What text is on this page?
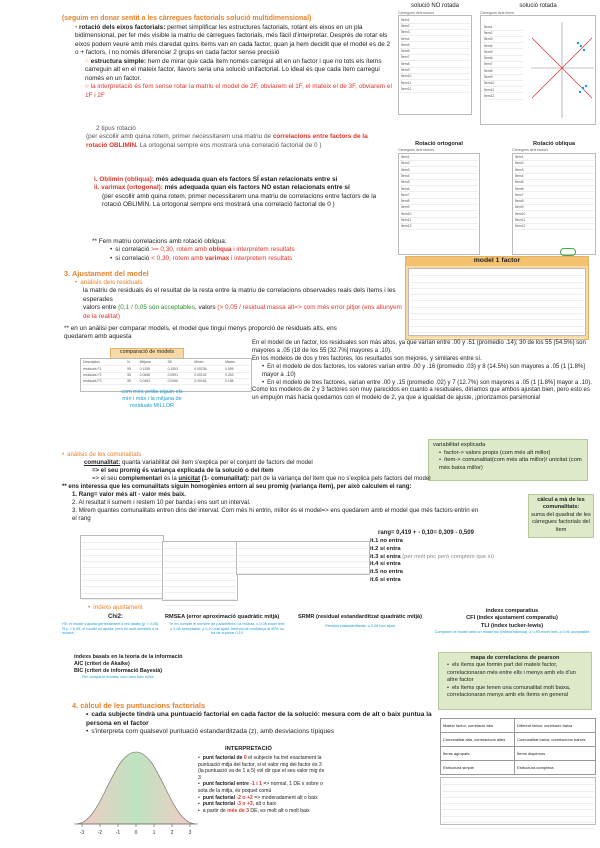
(seguim en donar sentit a les càrregues factorials solució multidimensional)
• rotació dels eixos factorials: permet simplificar les estructures factorials, rotant els eixos en un pla bidimensional, per fer més visible la matriu de càrregues factorials, més fàcil d'interpretar. Després de rotar els eixos podem veure amb més claredat quins ítems van en cada factor, quan ja hem decidit que el model es de 2 o + factors, i no només diferenciar 2 grups en cada factor sense precisió
○ estructura simple: hem de mirar que cada ítem només carregui alt en un factor i que no tots els ítems carreguin alt en el mateix factor, llavors seria una solució unifactorial. Lo ideal és que cada ítem carregui només en un factor.
○ la interpretació és fem sense rotar la matriu el model de 2F, obviarem el 1F, el mateix el de 3F, obviarem el 1F i 2F
2 tipus rotació
(per escollir amb quina rotem, primer necessitarem una matriu de correlacions entre factors de la rotació OBLIMIN. La ortogonal sempre ens mostrarà una correlació factorial de 0 )
i. Oblimin (obliqua): més adequada quan els factors SÍ estan relacionats entre sí
ii. varimax (ortogonal): més adequada quan els factors NO estan relacionats entre sí
(per escollir amb quina rotem, primer necessitarem una matriu de correlacions entre factors de la rotació OBLIMIN. La ortogonal sempre ens mostrarà una correlació factorial de 0 )
** Fem matriu correlacions amb rotació obliqua:
• si correlació >= 0,30, rotem amb obliqua i interpretem resultats
• si correlació < 0,30, rotem amb varimax i interpretem resultats
solució NO rotada
Càrregues dels factors
Ítem1		
Ítem2		
Ítem3		
Ítem4		
Ítem5		
Ítem6		
Ítem7		
Ítem8		
Ítem9		
Ítem10		
Ítem11		
Ítem12		
solució rotada
Càrregues dels ítems
Ítem1
Ítem2
Ítem3
Ítem4
Ítem5
Ítem6
Ítem7
Ítem8
Ítem9
Ítem10
Ítem11
Ítem12
Rotació ortogonal
Càrregues dels factors
Ítem1		
Ítem2		
Ítem3		
Ítem4		
Ítem5		
Ítem6		
Ítem7		
Ítem8		
Ítem9		
Ítem10		
Ítem11		
Ítem12		
Rotació obliqua
Càrregues dels factors
Ítem1		
Ítem2		
Ítem3		
Ítem4		
Ítem5		
Ítem6		
Ítem7		
Ítem8		
Ítem9		
Ítem10		
Ítem11		
Ítem12		
3. Ajustament del model
• anàlisis dels residuals
la matriu de residuals és el resultat de la resta entre la matriu de correlacions observades reals dels ítems i les esperades
valors entre (0,1 / 0,05 són acceptables, valors (> 0,05 / residual massa alt=> com més error pitjor (ens allunyem de la realitat)
** en un anàlisi per comparar models, el model que tingui menys proporció de residuals alts, ens quedarem amb aquesta
comparació de models
Descriptius	N	Mitjana	DE	Mínim	Màxim
residuals F1	55	0.1308	0.1553	0.00236	0.595
residuals F2	55	0.0658	0.0591	0.00132	0.263
residuals F3	55	0.0463	0.0466	0.00164	0.185
com més petits siguin els mín i màx i la mitjana de residuals MILLOR
model 1 factor

En el model de un factor, los residuales son más altos, ya que varían entre .00 y .51 (promedio .14); 30 de los 55 (54.5%) son mayores a .05 (18 de los 55 [32.7%] mayores a .10).
En los modelos de dos y tres factores, los resultados son mejores, y similares entre sí.
• En el modelo de dos factores, los valores varían entre .00 y .16 (promedio .03) y 8 (14.5%) son mayores a .05 (1 [1.8%] mayor a .10)
• En el modelo de tres factores, varían entre .00 y .15 (promedio .02) y 7 (12.7%) son mayores a .05 (1 [1.8%] mayor a .10).
Como los modelos de 2 y 3 factores son muy parecidos en cuanto a residuales, diríamos que ambos ajustan bien, pero esto es un empujón más hacia quedarnos con el modelo de 2, ya que a igualdad de ajuste, ¡priorizamos parsimonia!
variabilitat explicada
• factor-> valors propis (com més alt millor)
• ítem-> comunalitat(com més alta millor)/ unicitat (com més baixa millor)
càlcul a mà de les comunalitats:
suma del quadrat de les càrregues factorials del ítem
• anàlisis de les comunalitats
comunalitat: quanta variabilitat del ítem s'explica per el conjunt de factors del model
=> el seu promig és variança explicada de la solució o del ítem
=> el seu complementari és la unicitat (1- comunalitat): part de la variança del ítem que no s'explica pels factors del model
** ens interessa que les comunalitats siguin homogènies entorn al seu promig (variança ítem), per això calculem el rang:
1. Rang= valor més alt - valor més baix.
2. Al resultat li sumem i restem 10 per banda i ens surt un interval.
3. Mirem quantes comunalitats entren dins del interval. Com més hi entrin, millor és el model=> ens quedarem amb el model que més factors entrin en el rang

rang= 0,419 + - 0,10= 0,309 - 0,509
it.1 no entra
it.2 sí entra
it.3 sí entra (per molt poc però comptem que sí)
it.4 sí entra
it.5 no entra
it.6 sí entra
• índexs ajustament
Chi2:
H0: el model s'ajusta perfectament a les dades (p > 0,05). Si p < 0,05, el model no ajusta; però és molt sensible a la mostra
RMSEA (error aproximació quadràtic mitjà)
Té en compte el nombre de paràmetres i la mostra. ≤ 0,05 excel·lent; ≤ 0,08 acceptable; ≥ 0,10 mal ajust. Interval de confiança al 90% no ha de superar 0,10
SRMR (residual estandarditzat quadràtic mitjà)
Residus estandarditzats. ≤ 0,08 bon ajust
índexs comparatius
CFI (índex ajustament comparatiu)
TLI (índex tucker-lewis)
Comparen el model amb un model nul (independència). ≥ 0,95 excel·lent; ≥ 0,90 acceptable
índexs basats en la teoria de la informació
AIC (criteri de Akaike)
BIC (criteri de informació Bayesià)
Per comparar models: com més baix millor
mapa de correlacions de pearson
• els ítems que formin part del mateix factor, correlacionaran més entre ells i menys amb els d'un altre factor
• els ítems que tenen una comunalitat molt baixa, correlacionaran menys amb els ítems en general
4. càlcul de les puntuacions factorials
• cada subjecte tindrà una puntuació factorial en cada factor de la solució: mesura com de alt o baix puntua la persona en el factor
• s'interpreta com qualsevol puntuació estandarditzada (z), amb desviacions típiques
-3	-2	-1	0	1	2	3
INTERPRETACIÓ
• punt factorial de 0 el subjecte ha tret exactament la puntuació mitja del factor, si el valor mig del factor és 3 (la puntuació va de 1 a 5) vol dir que el seu valor mig és 3
• punt factorial entre -1 i 1 => normal, 1 DE x sobre o sota de la mitja, és poquet comú
• punt factorial -2 o +2 => moderadament alt o baix
• punt factorial -3 o +3, alt o baix
• a partir de més de 3 DE, es molt alt o molt baix
Mateix factor, correlació alta	Diferent factor, correlació baixa
Comunalitat alta, correlacions altes	Comunalitat baixa, correlacions baixes
Ítems agrupats	Ítems dispersos
Estructura simple	Estructura complexa
